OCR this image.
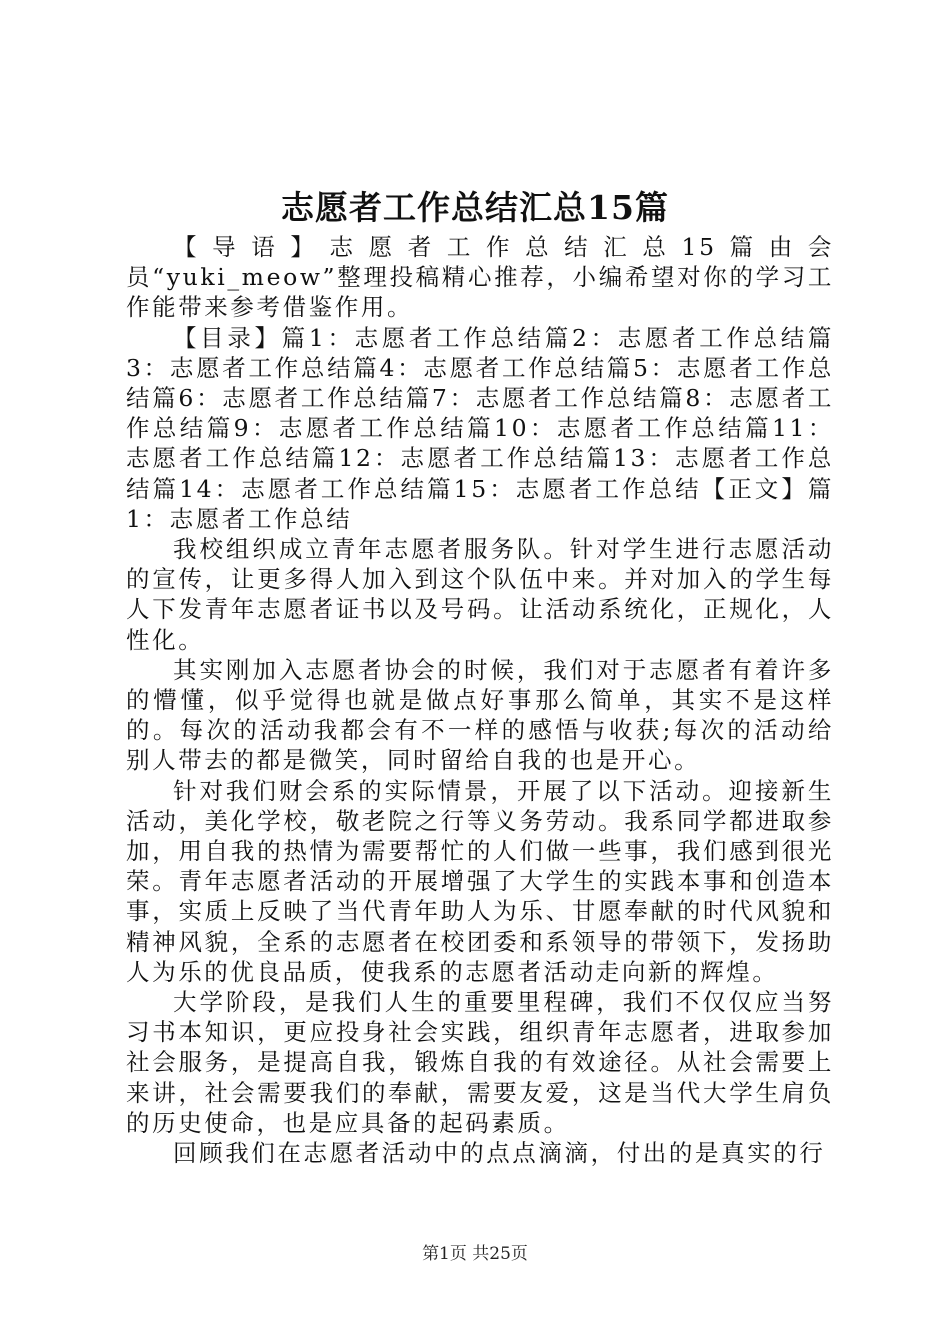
志愿者工作总结汇总15篇

【导语】志愿者工作总结汇总15篇由会员“yuki_meow”整理投稿精心推荐，小编希望对你的学习工作能带来参考借鉴作用。

【目录】篇1：志愿者工作总结篇2：志愿者工作总结篇3：志愿者工作总结篇4：志愿者工作总结篇5：志愿者工作总结篇6：志愿者工作总结篇7：志愿者工作总结篇8：志愿者工作总结篇9：志愿者工作总结篇10：志愿者工作总结篇11：志愿者工作总结篇12：志愿者工作总结篇13：志愿者工作总结篇14：志愿者工作总结篇15：志愿者工作总结【正文】篇1：志愿者工作总结

我校组织成立青年志愿者服务队。针对学生进行志愿活动的宣传，让更多得人加入到这个队伍中来。并对加入的学生每人下发青年志愿者证书以及号码。让活动系统化，正规化，人性化。

其实刚加入志愿者协会的时候，我们对于志愿者有着许多的懵懂，似乎觉得也就是做点好事那么简单，其实不是这样的。每次的活动我都会有不一样的感悟与收获;每次的活动给别人带去的都是微笑，同时留给自我的也是开心。

针对我们财会系的实际情景，开展了以下活动。迎接新生活动，美化学校，敬老院之行等义务劳动。我系同学都进取参加，用自我的热情为需要帮忙的人们做一些事，我们感到很光荣。青年志愿者活动的开展增强了大学生的实践本事和创造本事，实质上反映了当代青年助人为乐、甘愿奉献的时代风貌和精神风貌，全系的志愿者在校团委和系领导的带领下，发扬助人为乐的优良品质，使我系的志愿者活动走向新的辉煌。

大学阶段，是我们人生的重要里程碑，我们不仅仅应当努习书本知识，更应投身社会实践，组织青年志愿者，进取参加社会服务，是提高自我，锻炼自我的有效途径。从社会需要上来讲，社会需要我们的奉献，需要友爱，这是当代大学生肩负的历史使命，也是应具备的起码素质。

回顾我们在志愿者活动中的点点滴滴，付出的是真实的行

第1页 共25页
